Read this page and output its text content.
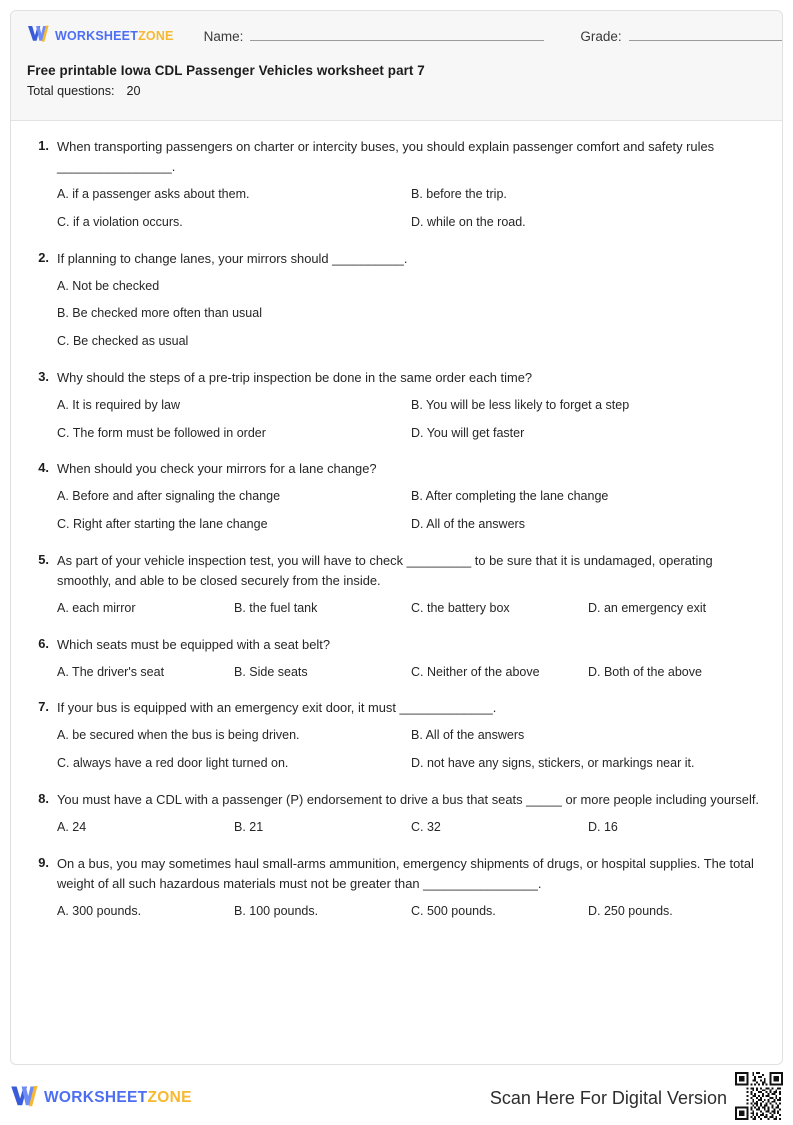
WORKSHEETZONE Name:	Grade:
Free printable Iowa CDL Passenger Vehicles worksheet part 7
Total questions: 20
1. When transporting passengers on charter or intercity buses, you should explain passenger comfort and safety rules ________________.
A. if a passenger asks about them.	B. before the trip.
C. if a violation occurs.	D. while on the road.
2. If planning to change lanes, your mirrors should __________.
A. Not be checked
B. Be checked more often than usual
C. Be checked as usual
3. Why should the steps of a pre-trip inspection be done in the same order each time?
A. It is required by law	B. You will be less likely to forget a step
C. The form must be followed in order	D. You will get faster
4. When should you check your mirrors for a lane change?
A. Before and after signaling the change	B. After completing the lane change
C. Right after starting the lane change	D. All of the answers
5. As part of your vehicle inspection test, you will have to check _________ to be sure that it is undamaged, operating smoothly, and able to be closed securely from the inside.
A. each mirror	B. the fuel tank	C. the battery box	D. an emergency exit
6. Which seats must be equipped with a seat belt?
A. The driver's seat	B. Side seats	C. Neither of the above	D. Both of the above
7. If your bus is equipped with an emergency exit door, it must _____________.
A. be secured when the bus is being driven.	B. All of the answers
C. always have a red door light turned on.	D. not have any signs, stickers, or markings near it.
8. You must have a CDL with a passenger (P) endorsement to drive a bus that seats _____ or more people including yourself.
A. 24	B. 21	C. 32	D. 16
9. On a bus, you may sometimes haul small-arms ammunition, emergency shipments of drugs, or hospital supplies. The total weight of all such hazardous materials must not be greater than ________________.
A. 300 pounds.	B. 100 pounds.	C. 500 pounds.	D. 250 pounds.
WORKSHEETZONE	Scan Here For Digital Version
